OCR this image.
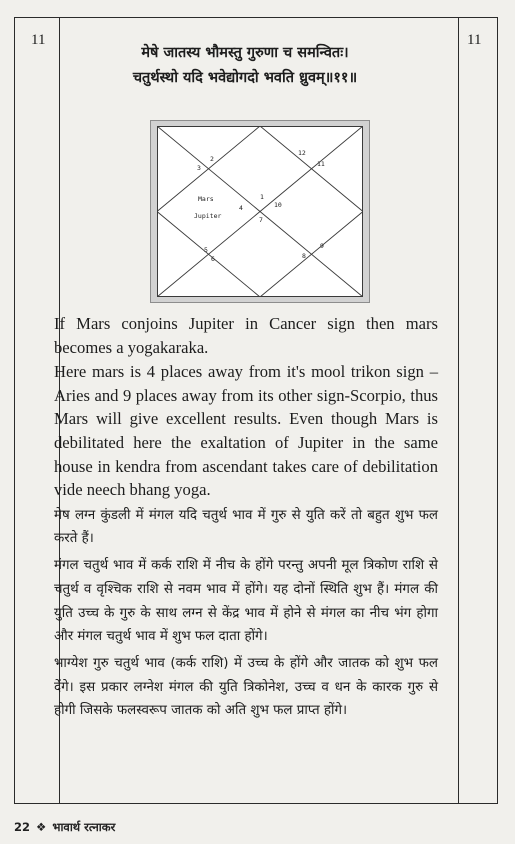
11	11
मेषे जातस्य भौमस्तु गुरुणा च समन्वितः।
चतुर्थस्थो यदि भवेद्योगदो भवति ध्रुवम्॥११॥
1
2
3
4
5
6
7
8
9
10
11
12
Mars
Jupiter

If Mars conjoins Jupiter in Cancer sign then mars becomes a yogakaraka.

Here mars is 4 places away from it's mool trikon sign – Aries and 9 places away from its other sign-Scorpio, thus Mars will give excellent results. Even though Mars is debilitated here the exaltation of Jupiter in the same house in kendra from ascendant takes care of debilitation vide neech bhang yoga.

मेष लग्न कुंडली में मंगल यदि चतुर्थ भाव में गुरु से युति करें तो बहुत शुभ फल करते हैं।

मंगल चतुर्थ भाव में कर्क राशि में नीच के होंगे परन्तु अपनी मूल त्रिकोण राशि से चतुर्थ व वृश्चिक राशि से नवम भाव में होंगे। यह दोनों स्थिति शुभ हैं। मंगल की युति उच्च के गुरु के साथ लग्न से केंद्र भाव में होने से मंगल का नीच भंग होगा और मंगल चतुर्थ भाव में शुभ फल दाता होंगे।

भाग्येश गुरु चतुर्थ भाव (कर्क राशि) में उच्च के होंगे और जातक को शुभ फल देंगे। इस प्रकार लग्नेश मंगल की युति त्रिकोनेश, उच्च व धन के कारक गुरु से होगी जिसके फलस्वरूप जातक को अति शुभ फल प्राप्त होंगे।

22 ❖ भावार्थ रत्नाकर
